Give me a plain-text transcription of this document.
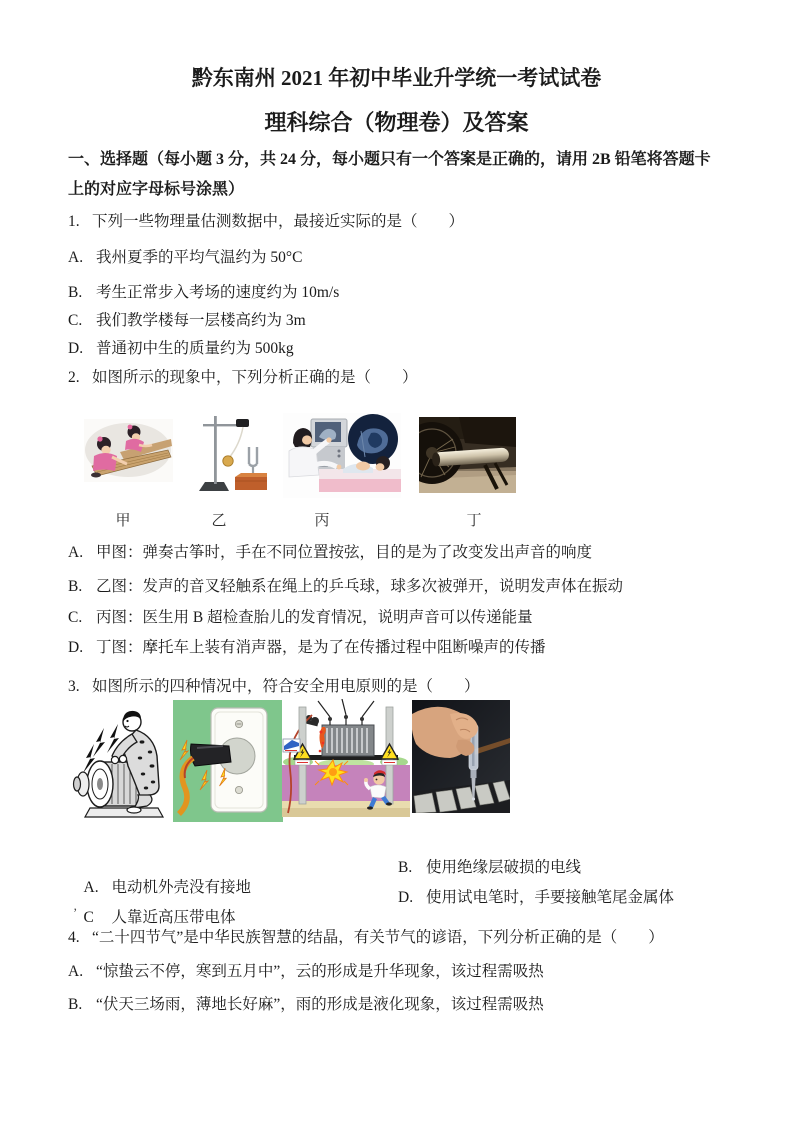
黔东南州 2021 年初中毕业升学统一考试试卷
理科综合（物理卷）及答案
一、选择题（每小题 3 分，共 24 分，每小题只有一个答案是正确的，请用 2B 铅笔将答题卡
上的对应字母标号涂黑）
1. 下列一些物理量估测数据中，最接近实际的是（　　）
A. 我州夏季的平均气温约为 50°C
B. 考生正常步入考场的速度约为 10m/s
C. 我们教学楼每一层楼高约为 3m
D. 普通初中生的质量约为 500kg
2. 如图所示的现象中，下列分析正确的是（　　）
甲	乙	丙	丁
A. 甲图：弹奏古筝时，手在不同位置按弦，目的是为了改变发出声音的响度
B. 乙图：发声的音叉轻触系在绳上的乒乓球，球多次被弹开，说明发声体在振动
C. 丙图：医生用 B 超检查胎儿的发育情况，说明声音可以传递能量
D. 丁图：摩托车上装有消声器，是为了在传播过程中阻断噪声的传播
3. 如图所示的四种情况中，符合安全用电原则的是（　　）

A. 电动机外壳没有接地

B. 使用绝缘层破损的电线

C 人靠近高压带电体

D. 使用试电笔时，手要接触笔尾金属体

’
4. “二十四节气”是中华民族智慧的结晶，有关节气的谚语，下列分析正确的是（　　）
A. “惊蛰云不停，寒到五月中”，云的形成是升华现象，该过程需吸热
B. “伏天三场雨，薄地长好麻”，雨的形成是液化现象，该过程需吸热
